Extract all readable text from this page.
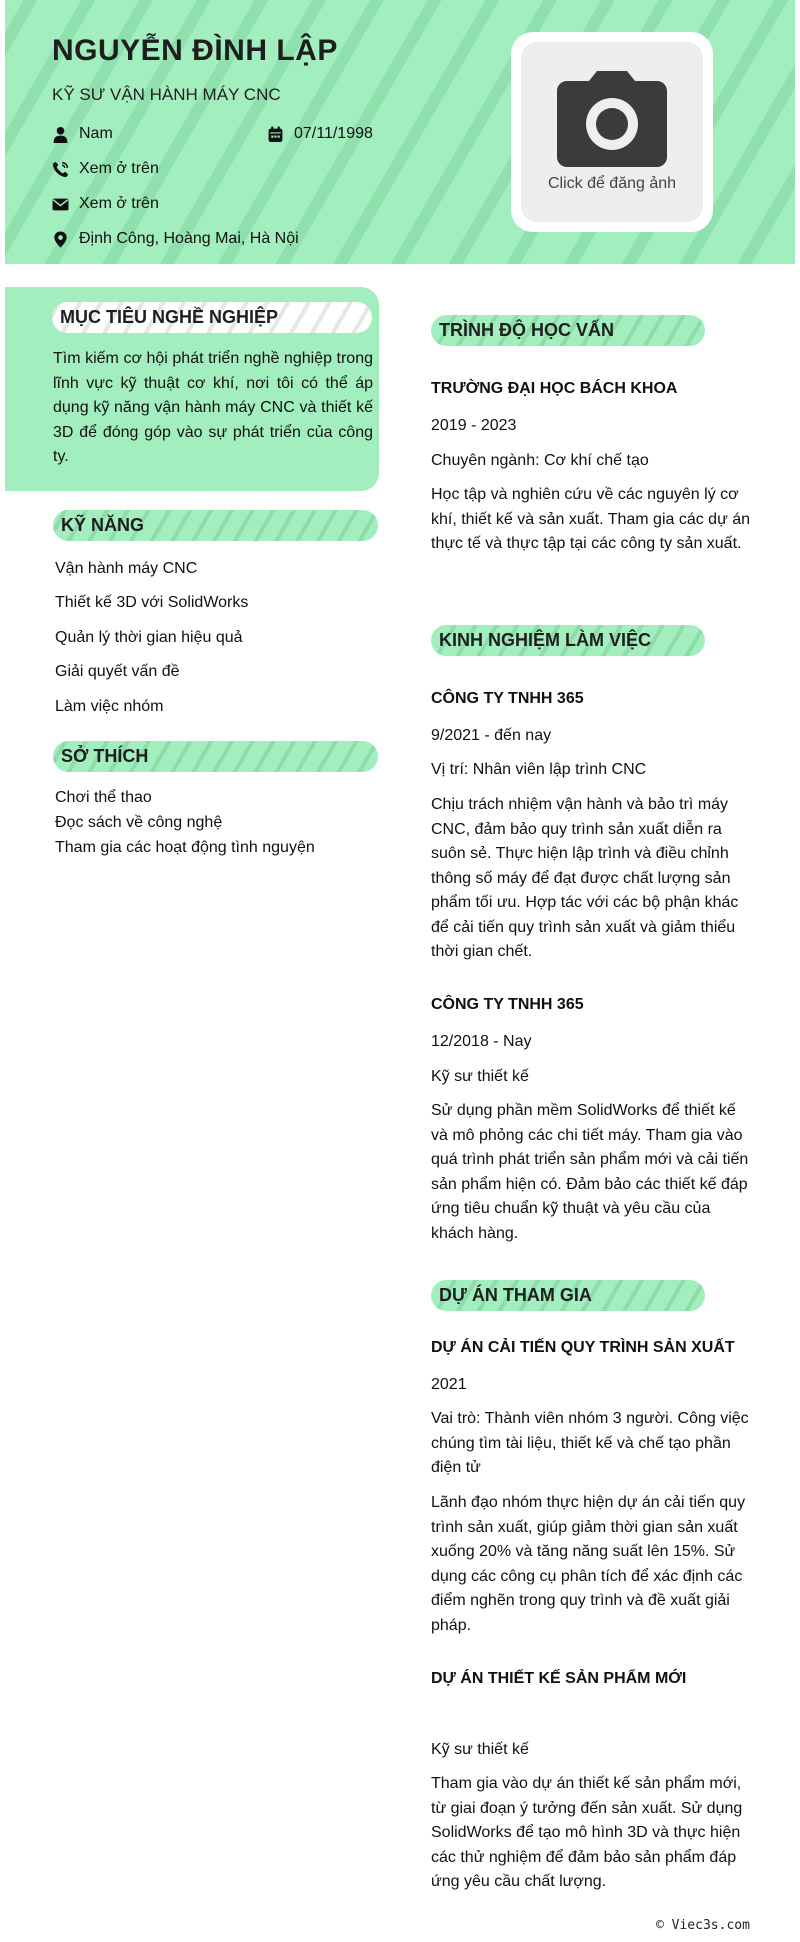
NGUYỄN ĐÌNH LẬP
KỸ SƯ VẬN HÀNH MÁY CNC
Nam	07/11/1998
Xem ở trên
Xem ở trên
Định Công, Hoàng Mai, Hà Nội
Click để đăng ảnh
MỤC TIÊU NGHỀ NGHIỆP
Tìm kiếm cơ hội phát triển nghề nghiệp trong lĩnh vực kỹ thuật cơ khí, nơi tôi có thể áp dụng kỹ năng vận hành máy CNC và thiết kế 3D để đóng góp vào sự phát triển của công ty.
KỸ NĂNG
Vận hành máy CNC
Thiết kế 3D với SolidWorks
Quản lý thời gian hiệu quả
Giải quyết vấn đề
Làm việc nhóm
SỞ THÍCH
Chơi thể thao
Đọc sách về công nghệ
Tham gia các hoạt động tình nguyện
TRÌNH ĐỘ HỌC VẤN
TRƯỜNG ĐẠI HỌC BÁCH KHOA
2019 - 2023
Chuyên ngành: Cơ khí chế tạo
Học tập và nghiên cứu về các nguyên lý cơ khí, thiết kế và sản xuất. Tham gia các dự án thực tế và thực tập tại các công ty sản xuất.
KINH NGHIỆM LÀM VIỆC
CÔNG TY TNHH 365
9/2021 - đến nay
Vị trí: Nhân viên lập trình CNC
Chịu trách nhiệm vận hành và bảo trì máy CNC, đảm bảo quy trình sản xuất diễn ra suôn sẻ. Thực hiện lập trình và điều chỉnh thông số máy để đạt được chất lượng sản phẩm tối ưu. Hợp tác với các bộ phận khác để cải tiến quy trình sản xuất và giảm thiểu thời gian chết.
CÔNG TY TNHH 365
12/2018 - Nay
Kỹ sư thiết kế
Sử dụng phần mềm SolidWorks để thiết kế và mô phỏng các chi tiết máy. Tham gia vào quá trình phát triển sản phẩm mới và cải tiến sản phẩm hiện có. Đảm bảo các thiết kế đáp ứng tiêu chuẩn kỹ thuật và yêu cầu của khách hàng.
DỰ ÁN THAM GIA
DỰ ÁN CẢI TIẾN QUY TRÌNH SẢN XUẤT
2021
Vai trò: Thành viên nhóm 3 người. Công việc chúng tìm tài liệu, thiết kế và chế tạo phần điện tử
Lãnh đạo nhóm thực hiện dự án cải tiến quy trình sản xuất, giúp giảm thời gian sản xuất xuống 20% và tăng năng suất lên 15%. Sử dụng các công cụ phân tích để xác định các điểm nghẽn trong quy trình và đề xuất giải pháp.
DỰ ÁN THIẾT KẾ SẢN PHẨM MỚI
Kỹ sư thiết kế
Tham gia vào dự án thiết kế sản phẩm mới, từ giai đoạn ý tưởng đến sản xuất. Sử dụng SolidWorks để tạo mô hình 3D và thực hiện các thử nghiệm để đảm bảo sản phẩm đáp ứng yêu cầu chất lượng.
© Viec3s.com
